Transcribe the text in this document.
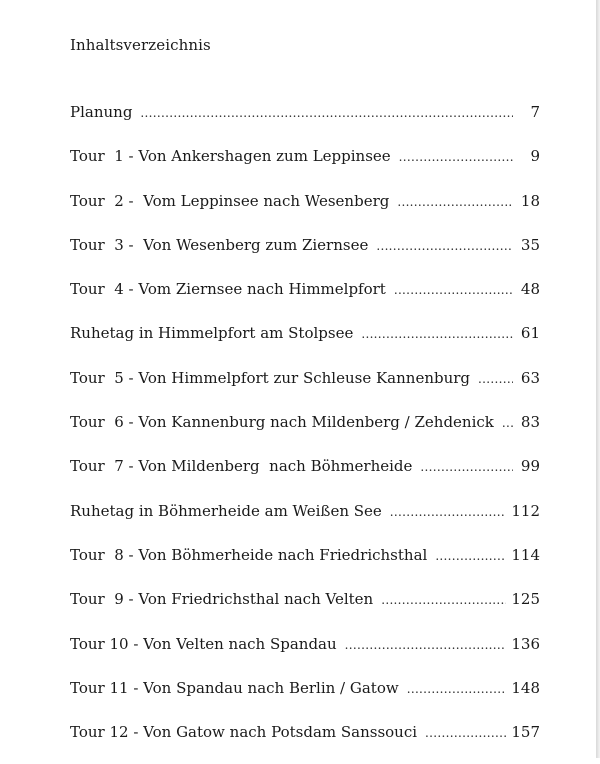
Inhaltsverzeichnis
Planung .....	7
Tour  1 - Von Ankershagen zum Leppinsee .....	9
Tour  2 -  Vom Leppinsee nach Wesenberg .....	18
Tour  3 -  Von Wesenberg zum Ziernsee .....	35
Tour  4 - Vom Ziernsee nach Himmelpfort .....	48
Ruhetag in Himmelpfort am Stolpsee .....	61
Tour  5 - Von Himmelpfort zur Schleuse Kannenburg .....	63
Tour  6 - Von Kannenburg nach Mildenberg / Zehdenick ..... 83
Tour  7 - Von Mildenberg  nach Böhmerheide .....	99
Ruhetag in Böhmerheide am Weißen See .....	112
Tour  8 - Von Böhmerheide nach Friedrichsthal .....	114
Tour  9 - Von Friedrichsthal nach Velten .....	125
Tour 10 - Von Velten nach Spandau .....	136
Tour 11 - Von Spandau nach Berlin / Gatow .....	148
Tour 12 - Von Gatow nach Potsdam Sanssouci .....	157
